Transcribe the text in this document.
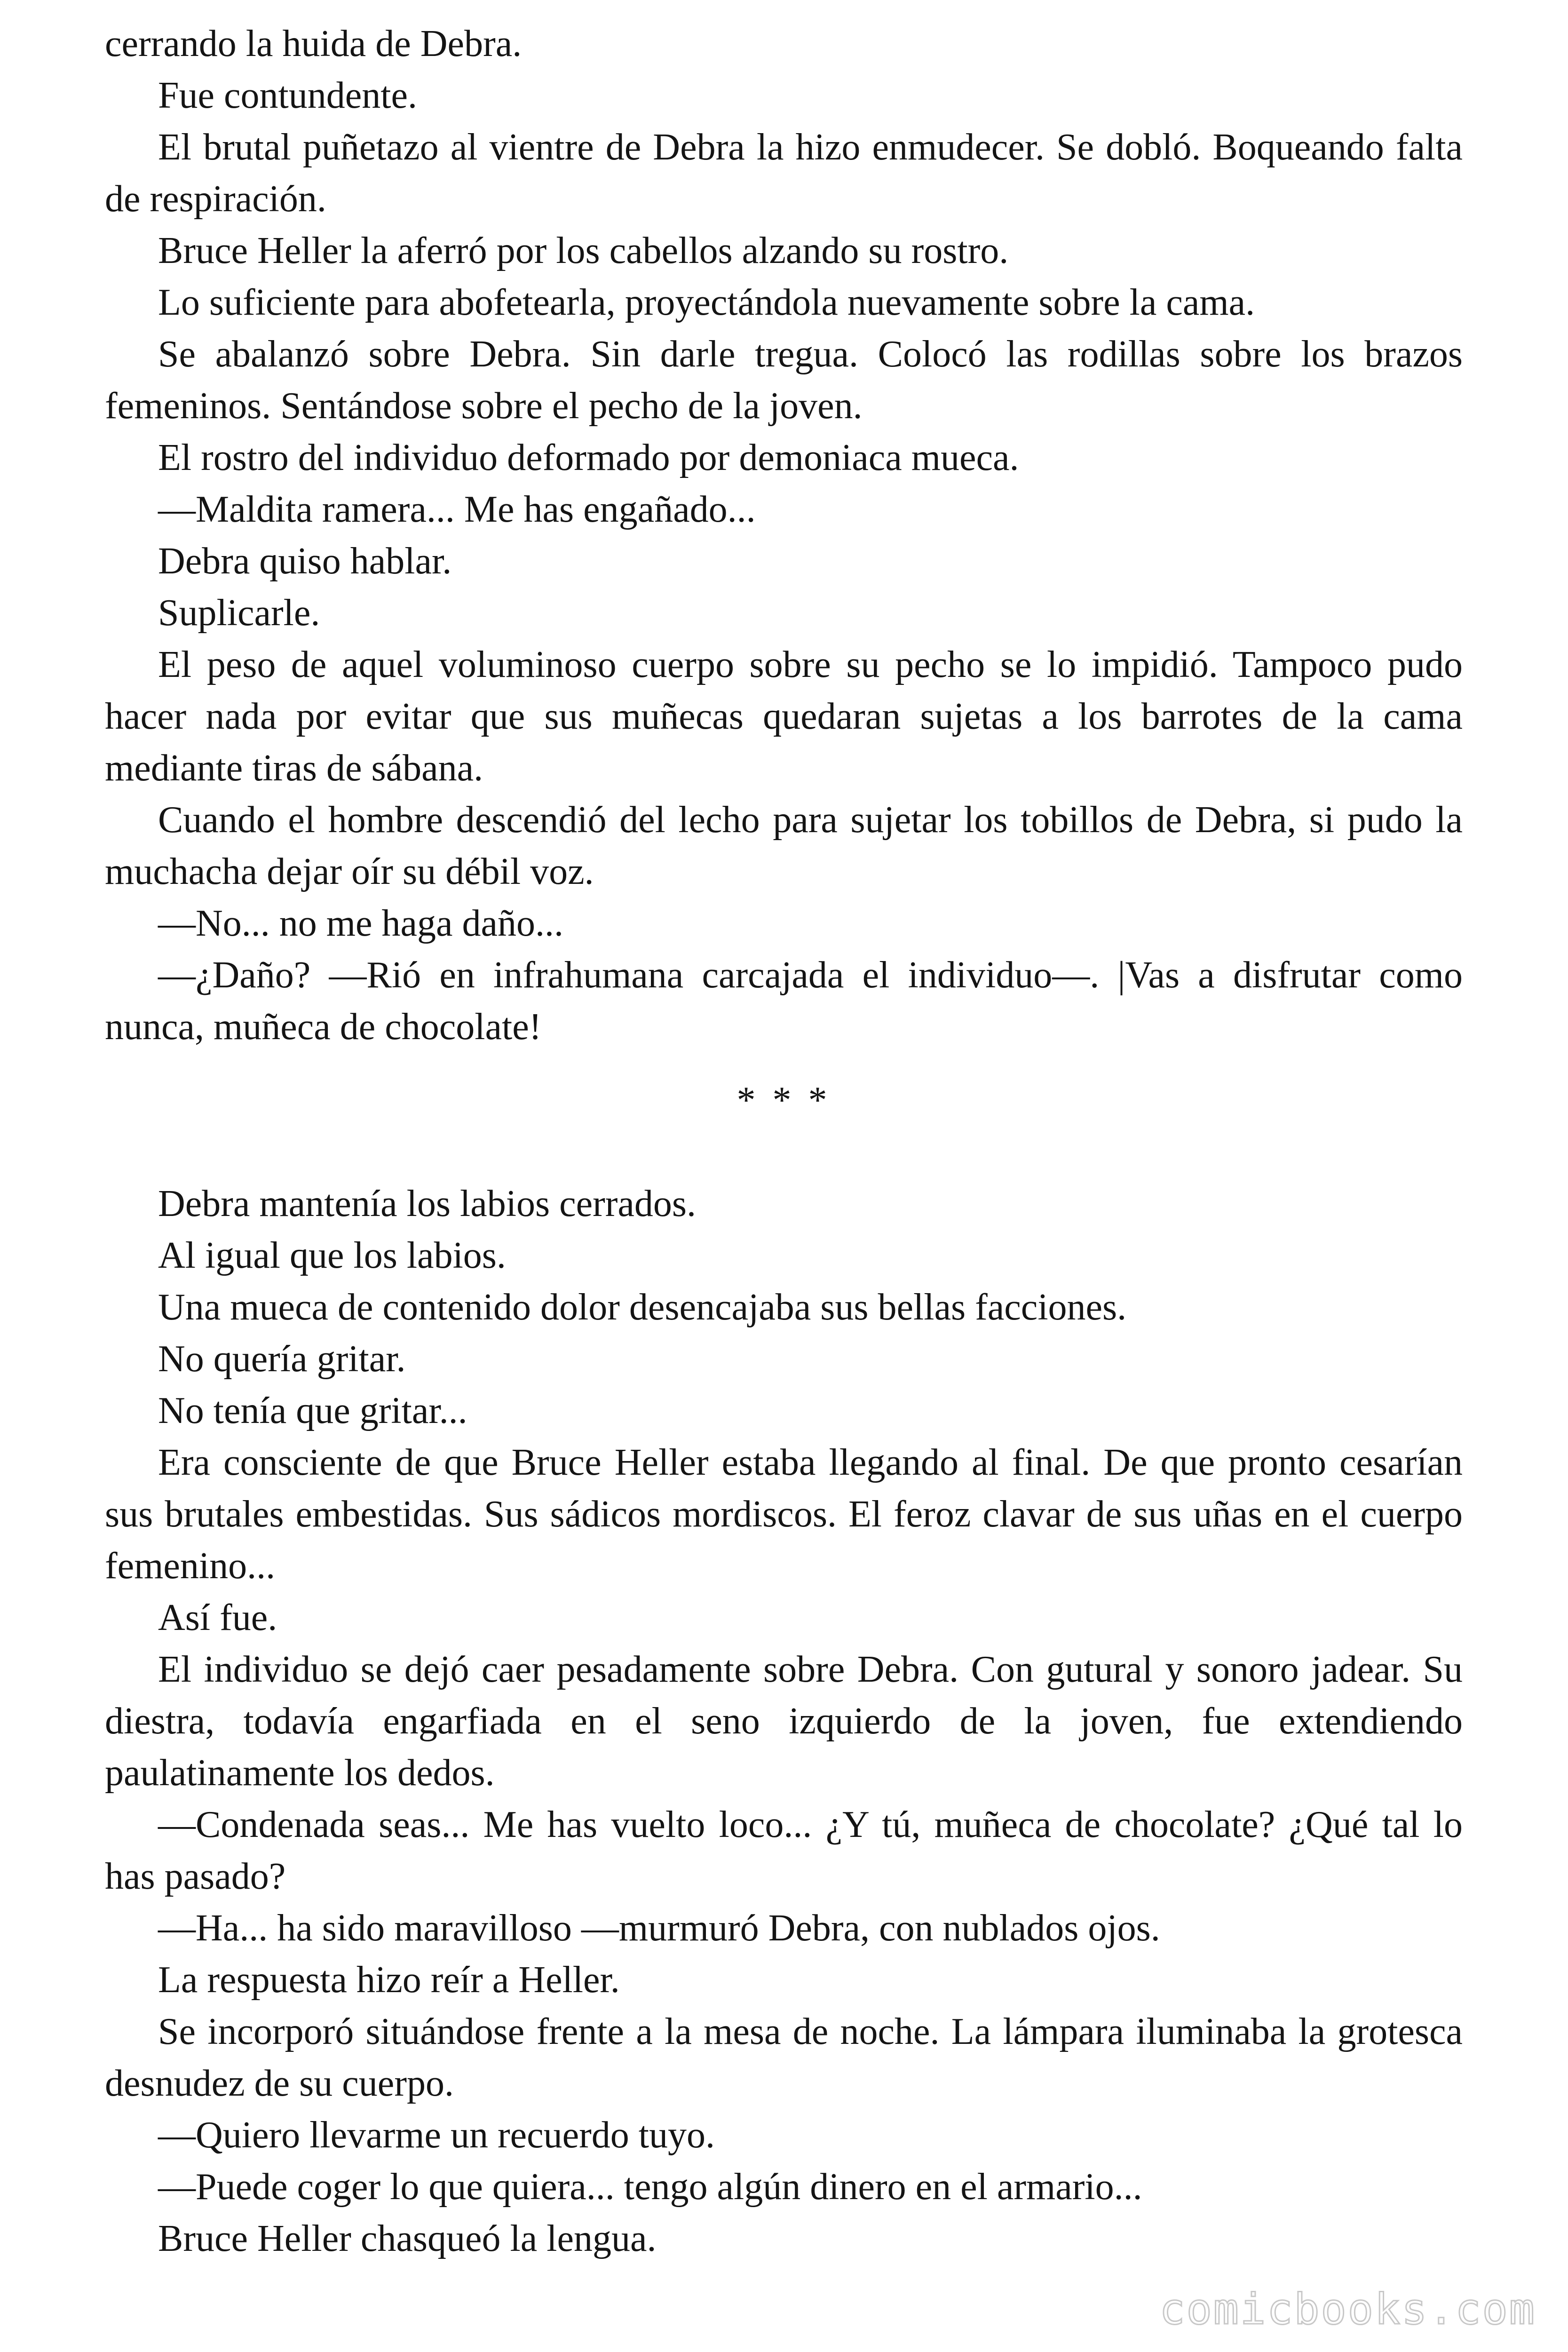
cerrando la huida de Debra.

Fue contundente.

El brutal puñetazo al vientre de Debra la hizo enmudecer. Se dobló. Boqueando falta de respiración.

Bruce Heller la aferró por los cabellos alzando su rostro.

Lo suficiente para abofetearla, proyectándola nuevamente sobre la cama.

Se abalanzó sobre Debra. Sin darle tregua. Colocó las rodillas sobre los brazos femeninos. Sentándose sobre el pecho de la joven.

El rostro del individuo deformado por demoniaca mueca.

—Maldita ramera... Me has engañado...

Debra quiso hablar.

Suplicarle.

El peso de aquel voluminoso cuerpo sobre su pecho se lo impidió. Tampoco pudo hacer nada por evitar que sus muñecas quedaran sujetas a los barrotes de la cama mediante tiras de sábana.

Cuando el hombre descendió del lecho para sujetar los tobillos de Debra, si pudo la muchacha dejar oír su débil voz.

—No... no me haga daño...

—¿Daño? —Rió en infrahumana carcajada el individuo—. |Vas a disfrutar como nunca, muñeca de chocolate!

* * *

Debra mantenía los labios cerrados.

Al igual que los labios.

Una mueca de contenido dolor desencajaba sus bellas facciones.

No quería gritar.

No tenía que gritar...

Era consciente de que Bruce Heller estaba llegando al final. De que pronto cesarían sus brutales embestidas. Sus sádicos mordiscos. El feroz clavar de sus uñas en el cuerpo femenino...

Así fue.

El individuo se dejó caer pesadamente sobre Debra. Con gutural y sonoro jadear. Su diestra, todavía engarfiada en el seno izquierdo de la joven, fue extendiendo paulatinamente los dedos.

—Condenada seas... Me has vuelto loco... ¿Y tú, muñeca de chocolate? ¿Qué tal lo has pasado?

—Ha... ha sido maravilloso —murmuró Debra, con nublados ojos.

La respuesta hizo reír a Heller.

Se incorporó situándose frente a la mesa de noche. La lámpara iluminaba la grotesca desnudez de su cuerpo.

—Quiero llevarme un recuerdo tuyo.

—Puede coger lo que quiera... tengo algún dinero en el armario...

Bruce Heller chasqueó la lengua.

comicbooks.com
